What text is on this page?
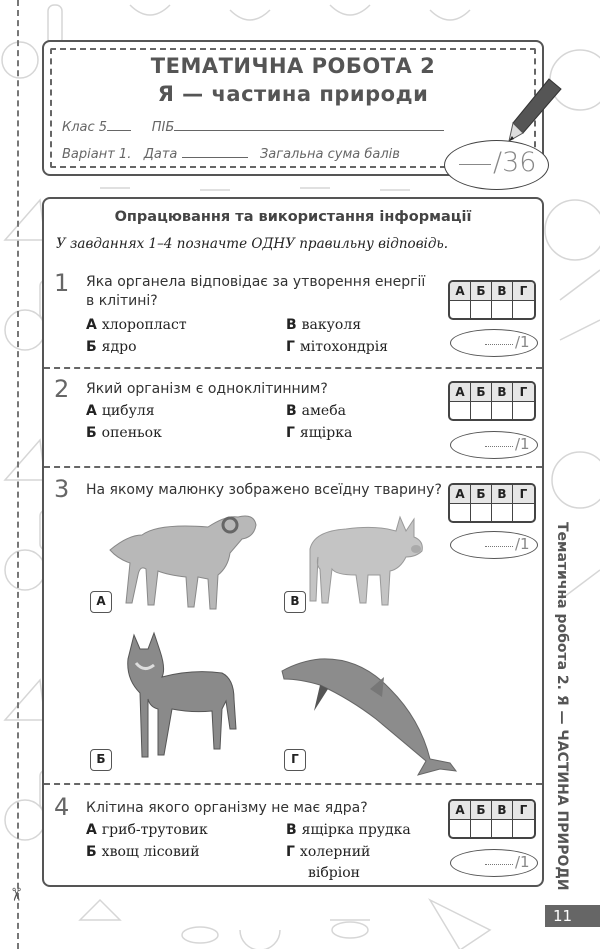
✂
ТЕМАТИЧНА РОБОТА 2
Я — частина природи
Клас 5	ПІБ
Варіант 1. Дата	Загальна сума балів	/36
Опрацювання та використання інформації
У завданнях 1–4 позначте ОДНУ правильну відповідь.
1 Яка органела відповідає за утворення енергії
в клітині?
А хлоропласт
Б ядро
В вакуоля
Г мітохондрія
А Б В	Г
/1
2 Який організм є одноклітинним?
А цибуля
Б опеньок
В амеба
Г ящірка
А Б В	Г
/1
3 На якому малюнку зображено всеїдну тварину?	А Б В	Г
/1
А	В
Б	Г
4 Клітина якого організму не має ядра?
А гриб-трутовик
Б хвощ лісовий
В ящірка прудка
Г холерний
вібріон
А Б В	Г
/1 Тематична робота 2. Я — ЧАСТИНА ПРИРОДИ
11
